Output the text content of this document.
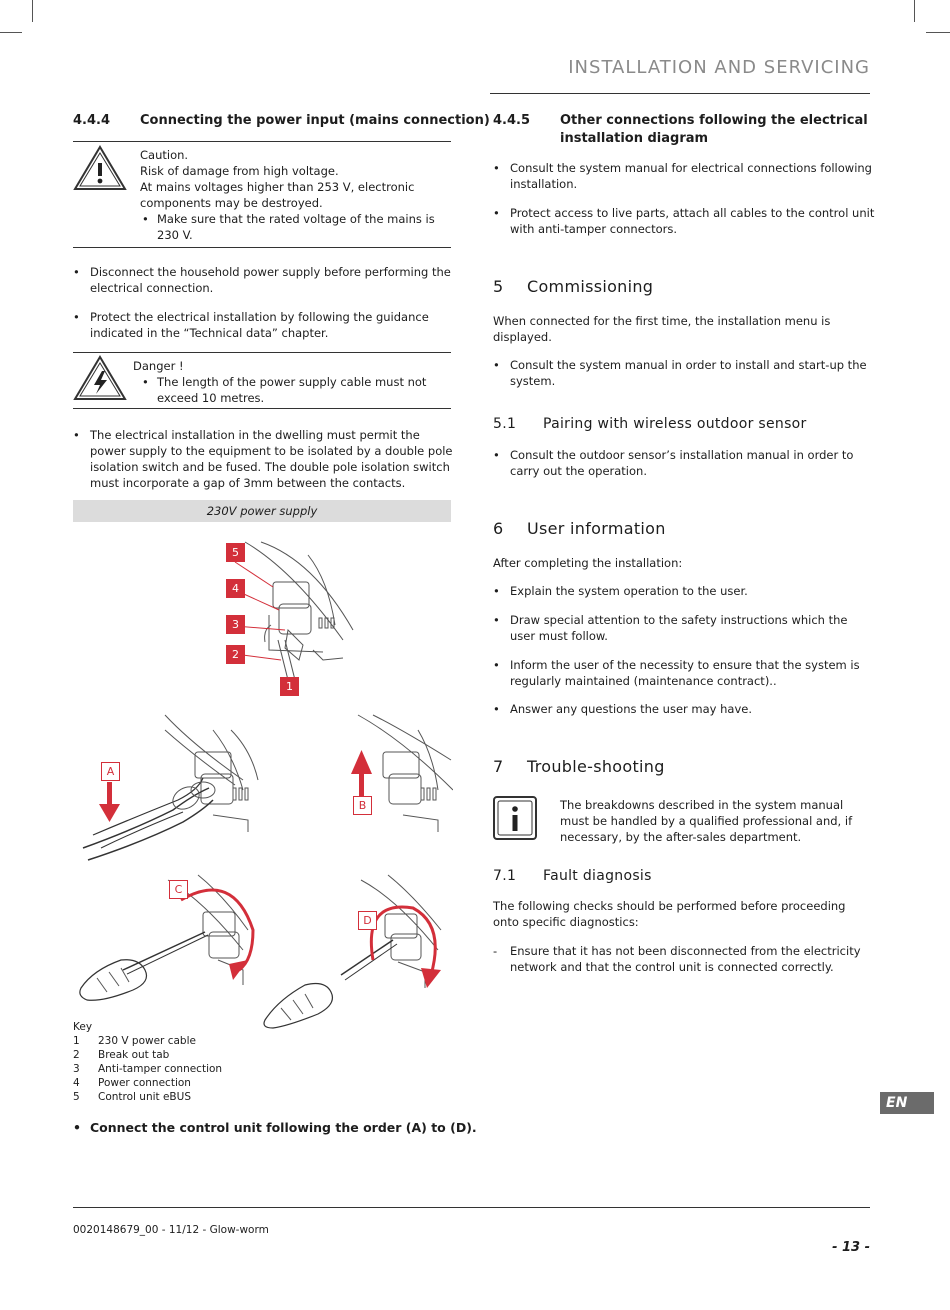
INSTALLATION AND SERVICING
4.4.4 Connecting the power input (mains connection)
Caution.
Risk of damage from high voltage.
At mains voltages higher than 253 V, electronic
components may be destroyed.
• Make sure that the rated voltage of the mains is
230 V.
• Disconnect the household power supply before performing the
electrical connection.
• Protect the electrical installation by following the guidance
indicated in the “Technical data” chapter.
Danger !
• The length of the power supply cable must not
exceed 10 metres.
• The electrical installation in the dwelling must permit the
power supply to the equipment to be isolated by a double pole
isolation switch and be fused. The double pole isolation switch
must incorporate a gap of 3mm between the contacts.
230V power supply
5
4
3
2
1
A
B
C
D
Key
1 230 V power cable
2 Break out tab
3 Anti-tamper connection
4 Power connection
5 Control unit eBUS
• Connect the control unit following the order (A) to (D).
4.4.5 Other connections following the electrical
installation diagram
• Consult the system manual for electrical connections following
installation.
• Protect access to live parts, attach all cables to the control unit
with anti-tamper connectors.
5 Commissioning
When connected for the first time, the installation menu is
displayed.
• Consult the system manual in order to install and start-up the
system.
5.1 Pairing with wireless outdoor sensor
• Consult the outdoor sensor’s installation manual in order to
carry out the operation.
6 User information
After completing the installation:
• Explain the system operation to the user.
• Draw special attention to the safety instructions which the
user must follow.
• Inform the user of the necessity to ensure that the system is
regularly maintained (maintenance contract)..
• Answer any questions the user may have.
7 Trouble-shooting
The breakdowns described in the system manual
must be handled by a qualified professional and, if
necessary, by the after-sales department.
7.1 Fault diagnosis
The following checks should be performed before proceeding
onto specific diagnostics:
- Ensure that it has not been disconnected from the electricity
network and that the control unit is connected correctly.
EN
0020148679_00 - 11/12 - Glow-worm
- 13 -
